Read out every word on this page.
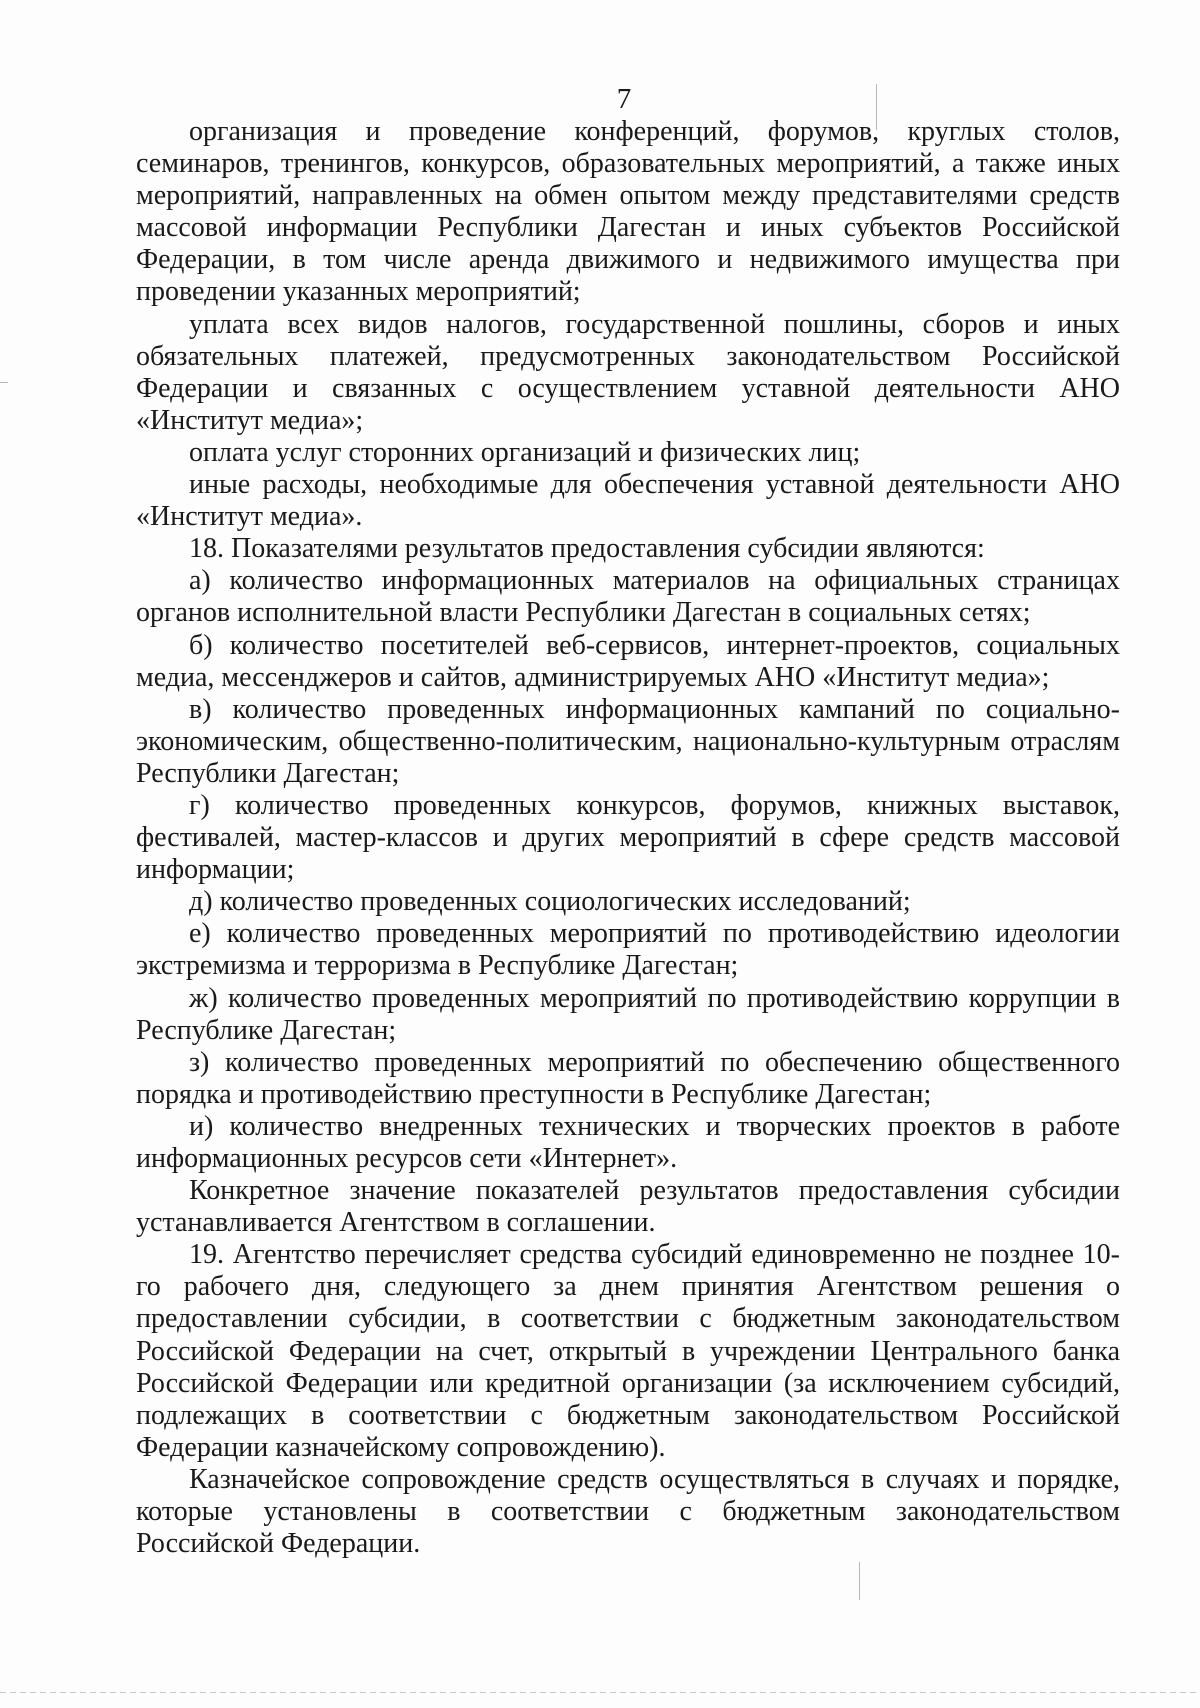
7

организация и проведение конференций, форумов, круглых столов, семинаров, тренингов, конкурсов, образовательных мероприятий, а также иных мероприятий, направленных на обмен опытом между представителями средств массовой информации Республики Дагестан и иных субъектов Российской Федерации, в том числе аренда движимого и недвижимого имущества при проведении указанных мероприятий;

уплата всех видов налогов, государственной пошлины, сборов и иных обязательных платежей, предусмотренных законодательством Российской Федерации и связанных с осуществлением уставной деятельности АНО «Институт медиа»;

оплата услуг сторонних организаций и физических лиц;

иные расходы, необходимые для обеспечения уставной деятельности АНО «Институт медиа».

18. Показателями результатов предоставления субсидии являются:

а) количество информационных материалов на официальных страницах органов исполнительной власти Республики Дагестан в социальных сетях;

б) количество посетителей веб-сервисов, интернет-проектов, социальных медиа, мессенджеров и сайтов, администрируемых АНО «Институт медиа»;

в) количество проведенных информационных кампаний по социально-экономическим, общественно-политическим, национально-культурным отраслям Республики Дагестан;

г) количество проведенных конкурсов, форумов, книжных выставок, фестивалей, мастер-классов и других мероприятий в сфере средств массовой информации;

д) количество проведенных социологических исследований;

е) количество проведенных мероприятий по противодействию идеологии экстремизма и терроризма в Республике Дагестан;

ж) количество проведенных мероприятий по противодействию коррупции в Республике Дагестан;

з) количество проведенных мероприятий по обеспечению общественного порядка и противодействию преступности в Республике Дагестан;

и) количество внедренных технических и творческих проектов в работе информационных ресурсов сети «Интернет».

Конкретное значение показателей результатов предоставления субсидии устанавливается Агентством в соглашении.

19. Агентство перечисляет средства субсидий единовременно не позднее 10-го рабочего дня, следующего за днем принятия Агентством решения о предоставлении субсидии, в соответствии с бюджетным законодательством Российской Федерации на счет, открытый в учреждении Центрального банка Российской Федерации или кредитной организации (за исключением субсидий, подлежащих в соответствии с бюджетным законодательством Российской Федерации казначейскому сопровождению).

Казначейское сопровождение средств осуществляться в случаях и порядке, которые установлены в соответствии с бюджетным законодательством Российской Федерации.
